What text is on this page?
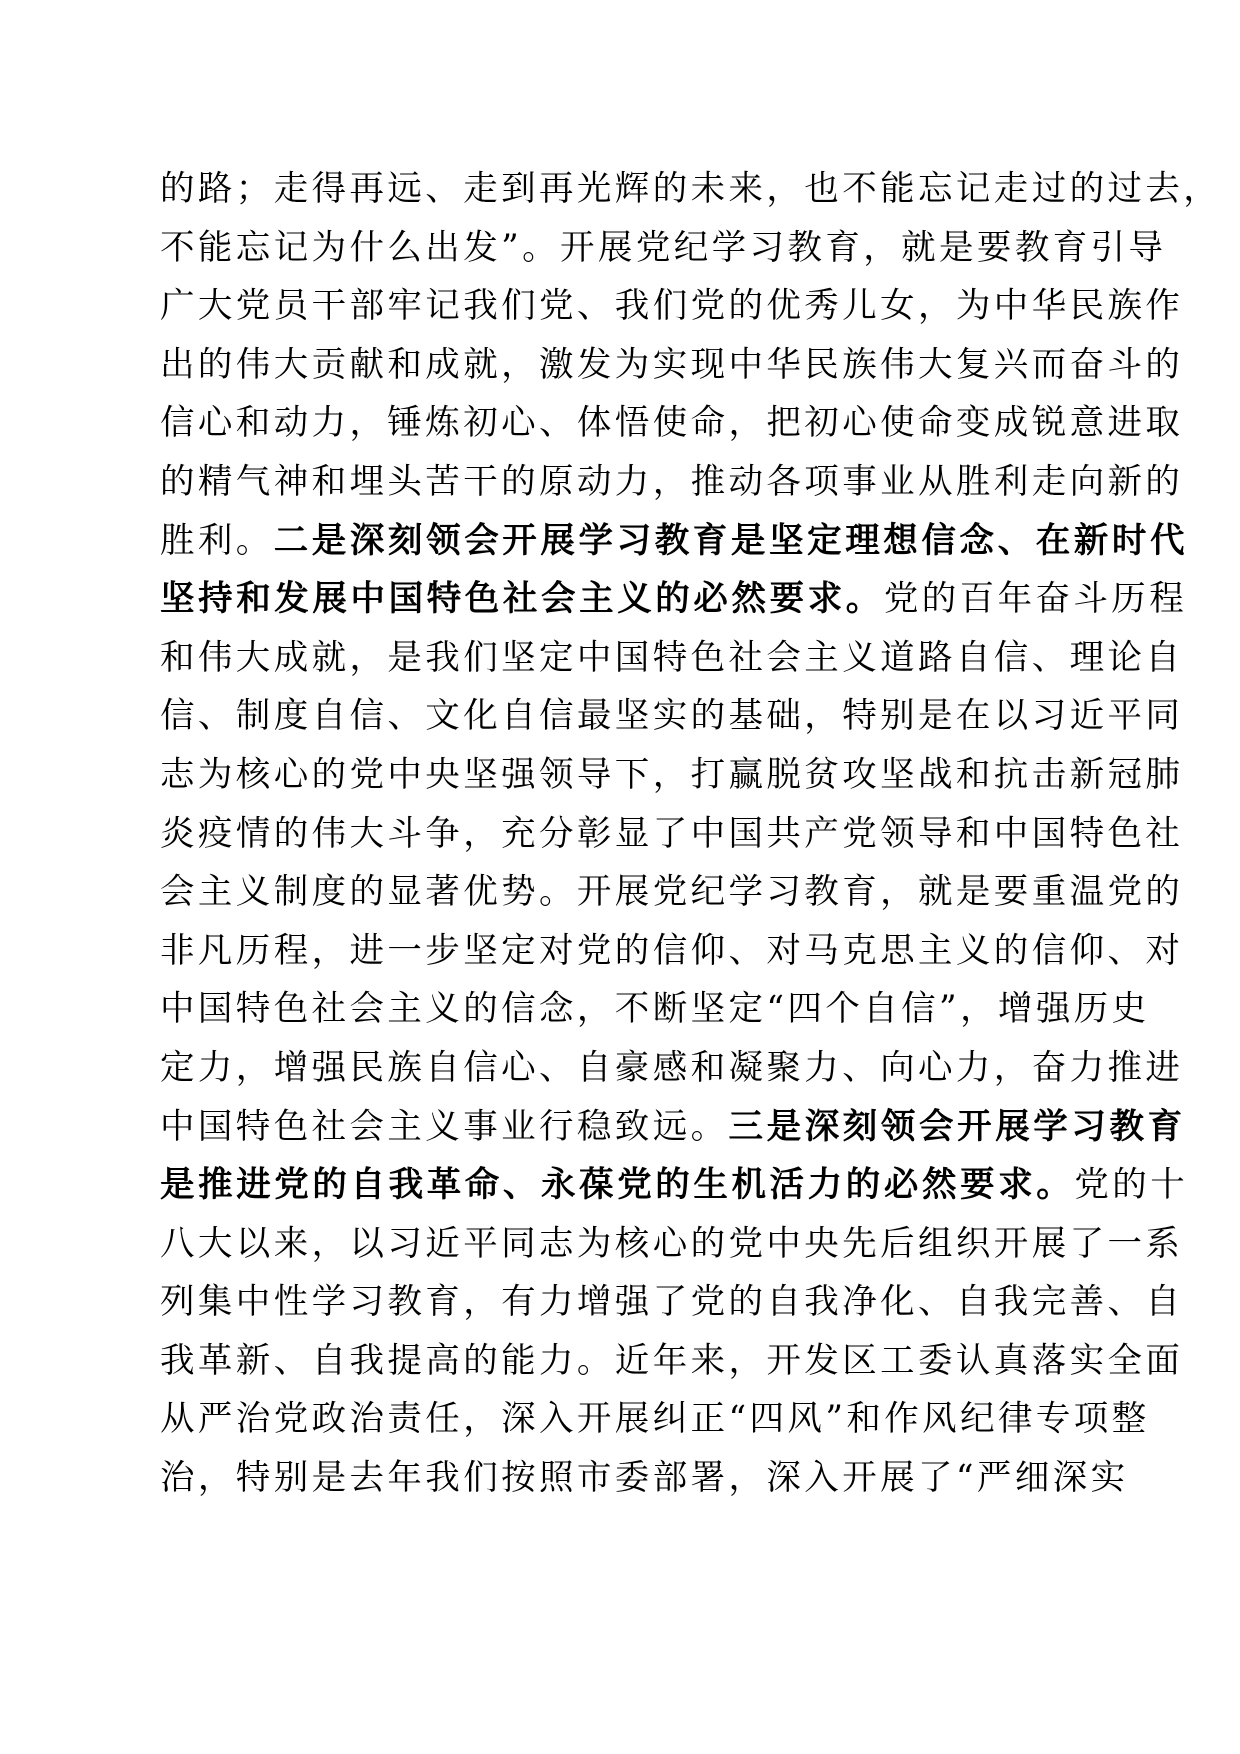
的路；走得再远、走到再光辉的未来，也不能忘记走过的过去，
不能忘记为什么出发”。开展党纪学习教育，就是要教育引导
广大党员干部牢记我们党、我们党的优秀儿女，为中华民族作
出的伟大贡献和成就，激发为实现中华民族伟大复兴而奋斗的
信心和动力，锤炼初心、体悟使命，把初心使命变成锐意进取
的精气神和埋头苦干的原动力，推动各项事业从胜利走向新的
胜利。二是深刻领会开展学习教育是坚定理想信念、在新时代
坚持和发展中国特色社会主义的必然要求。党的百年奋斗历程
和伟大成就，是我们坚定中国特色社会主义道路自信、理论自
信、制度自信、文化自信最坚实的基础，特别是在以习近平同
志为核心的党中央坚强领导下，打赢脱贫攻坚战和抗击新冠肺
炎疫情的伟大斗争，充分彰显了中国共产党领导和中国特色社
会主义制度的显著优势。开展党纪学习教育，就是要重温党的
非凡历程，进一步坚定对党的信仰、对马克思主义的信仰、对
中国特色社会主义的信念，不断坚定“四个自信”，增强历史
定力，增强民族自信心、自豪感和凝聚力、向心力，奋力推进
中国特色社会主义事业行稳致远。三是深刻领会开展学习教育
是推进党的自我革命、永葆党的生机活力的必然要求。党的十
八大以来，以习近平同志为核心的党中央先后组织开展了一系
列集中性学习教育，有力增强了党的自我净化、自我完善、自
我革新、自我提高的能力。近年来，开发区工委认真落实全面
从严治党政治责任，深入开展纠正“四风”和作风纪律专项整
治，特别是去年我们按照市委部署，深入开展了“严细深实
